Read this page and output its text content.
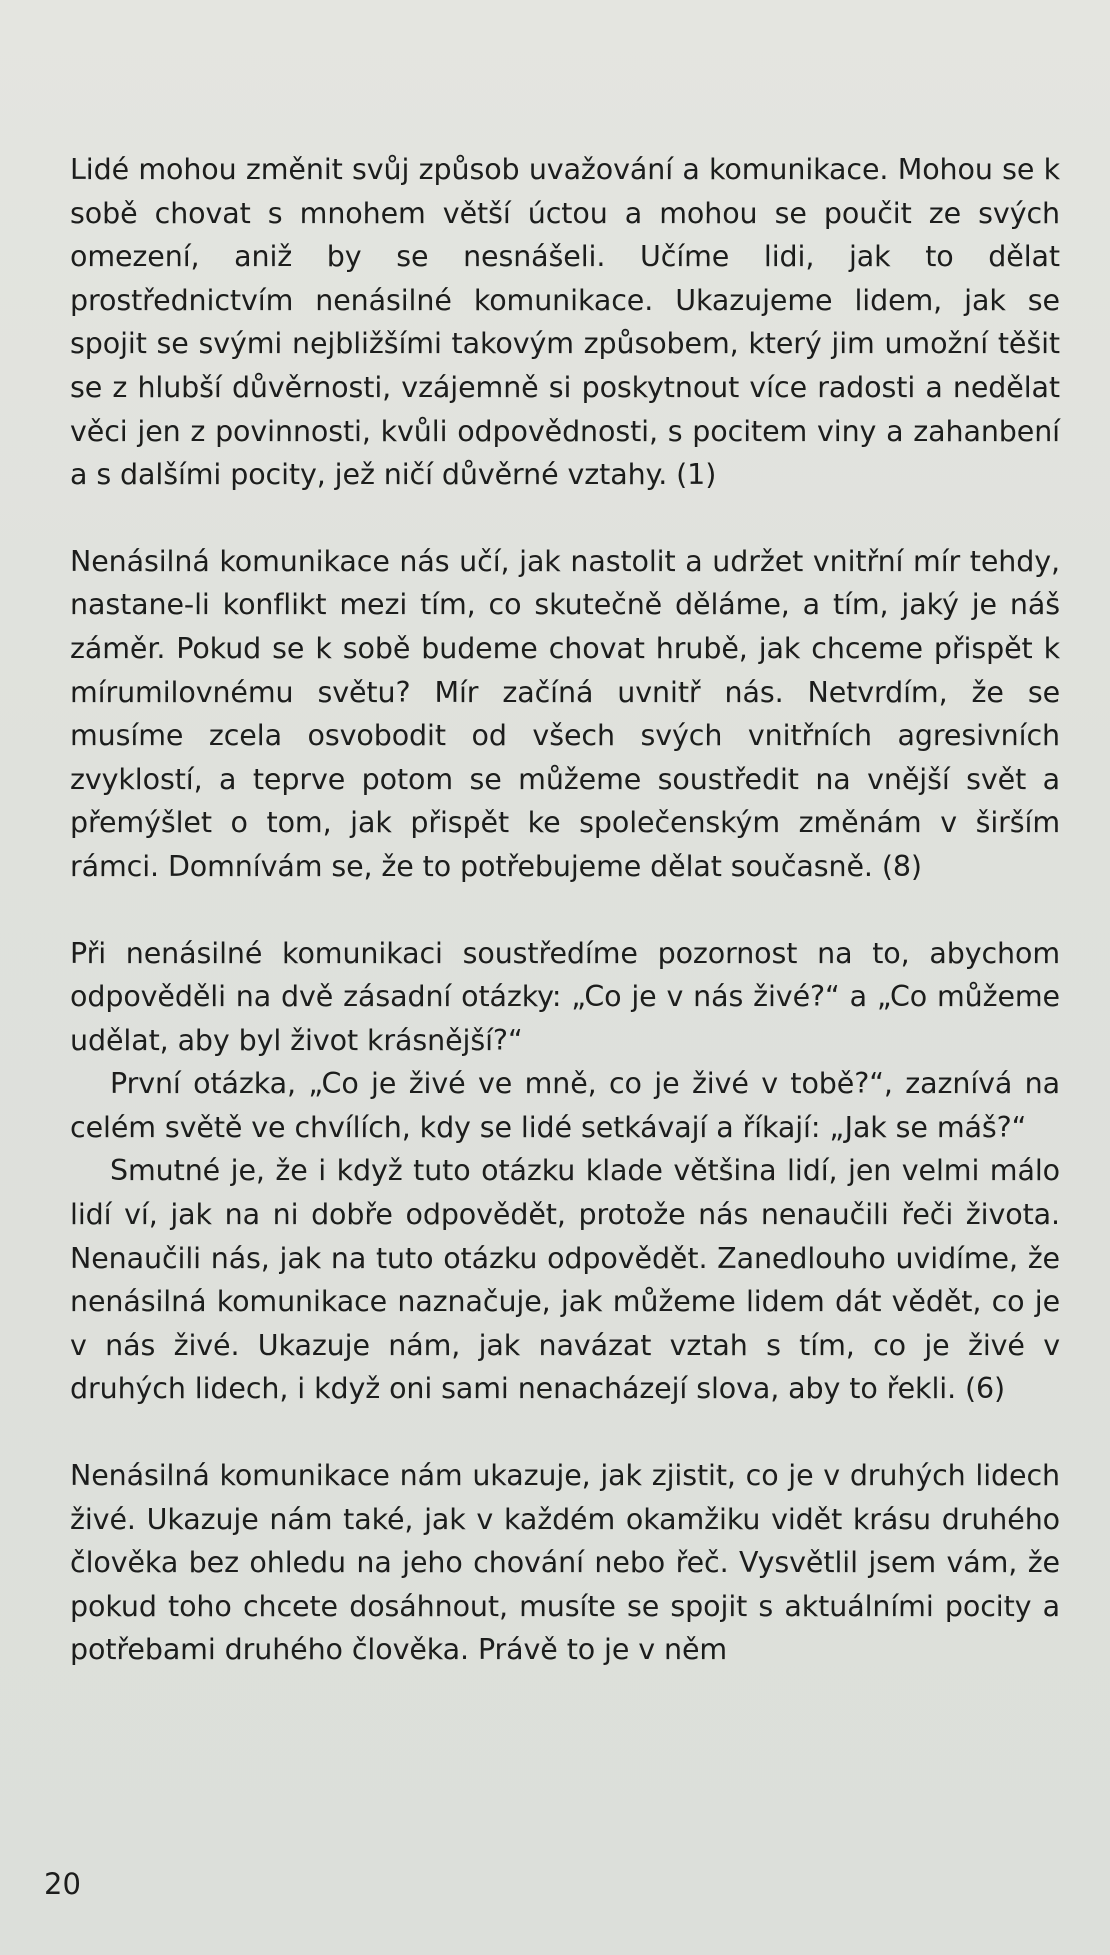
Lidé mohou změnit svůj způsob uvažování a komunikace. Mohou se k sobě chovat s mnohem větší úctou a mohou se poučit ze svých omezení, aniž by se nesnášeli. Učíme lidi, jak to dělat prostřednictvím nenásilné komunikace. Ukazujeme lidem, jak se spojit se svými nejbližšími takovým způsobem, který jim umožní těšit se z hlubší důvěrnosti, vzájemně si poskytnout více radosti a nedělat věci jen z povinnosti, kvůli odpovědnosti, s pocitem viny a zahanbení a s dalšími pocity, jež ničí důvěrné vztahy. (1)

Nenásilná komunikace nás učí, jak nastolit a udržet vnitřní mír tehdy, nastane-li konflikt mezi tím, co skutečně děláme, a tím, jaký je náš záměr. Pokud se k sobě budeme chovat hrubě, jak chceme přispět k mírumilovnému světu? Mír začíná uvnitř nás. Netvrdím, že se musíme zcela osvobodit od všech svých vnitřních agresivních zvyklostí, a teprve potom se můžeme soustředit na vnější svět a přemýšlet o tom, jak přispět ke společenským změnám v širším rámci. Domnívám se, že to potřebujeme dělat současně. (8)

Při nenásilné komunikaci soustředíme pozornost na to, abychom odpověděli na dvě zásadní otázky: „Co je v nás živé?“ a „Co můžeme udělat, aby byl život krásnější?“

První otázka, „Co je živé ve mně, co je živé v tobě?“, zaznívá na celém světě ve chvílích, kdy se lidé setkávají a říkají: „Jak se máš?“

Smutné je, že i když tuto otázku klade většina lidí, jen velmi málo lidí ví, jak na ni dobře odpovědět, protože nás nenaučili řeči života. Nenaučili nás, jak na tuto otázku odpovědět. Zanedlouho uvidíme, že nenásilná komunikace naznačuje, jak můžeme lidem dát vědět, co je v nás živé. Ukazuje nám, jak navázat vztah s tím, co je živé v druhých lidech, i když oni sami nenacházejí slova, aby to řekli. (6)

Nenásilná komunikace nám ukazuje, jak zjistit, co je v druhých lidech živé. Ukazuje nám také, jak v každém okamžiku vidět krásu druhého člověka bez ohledu na jeho chování nebo řeč. Vysvětlil jsem vám, že pokud toho chcete dosáhnout, musíte se spojit s aktuálními pocity a potřebami druhého člověka. Právě to je v něm

20
